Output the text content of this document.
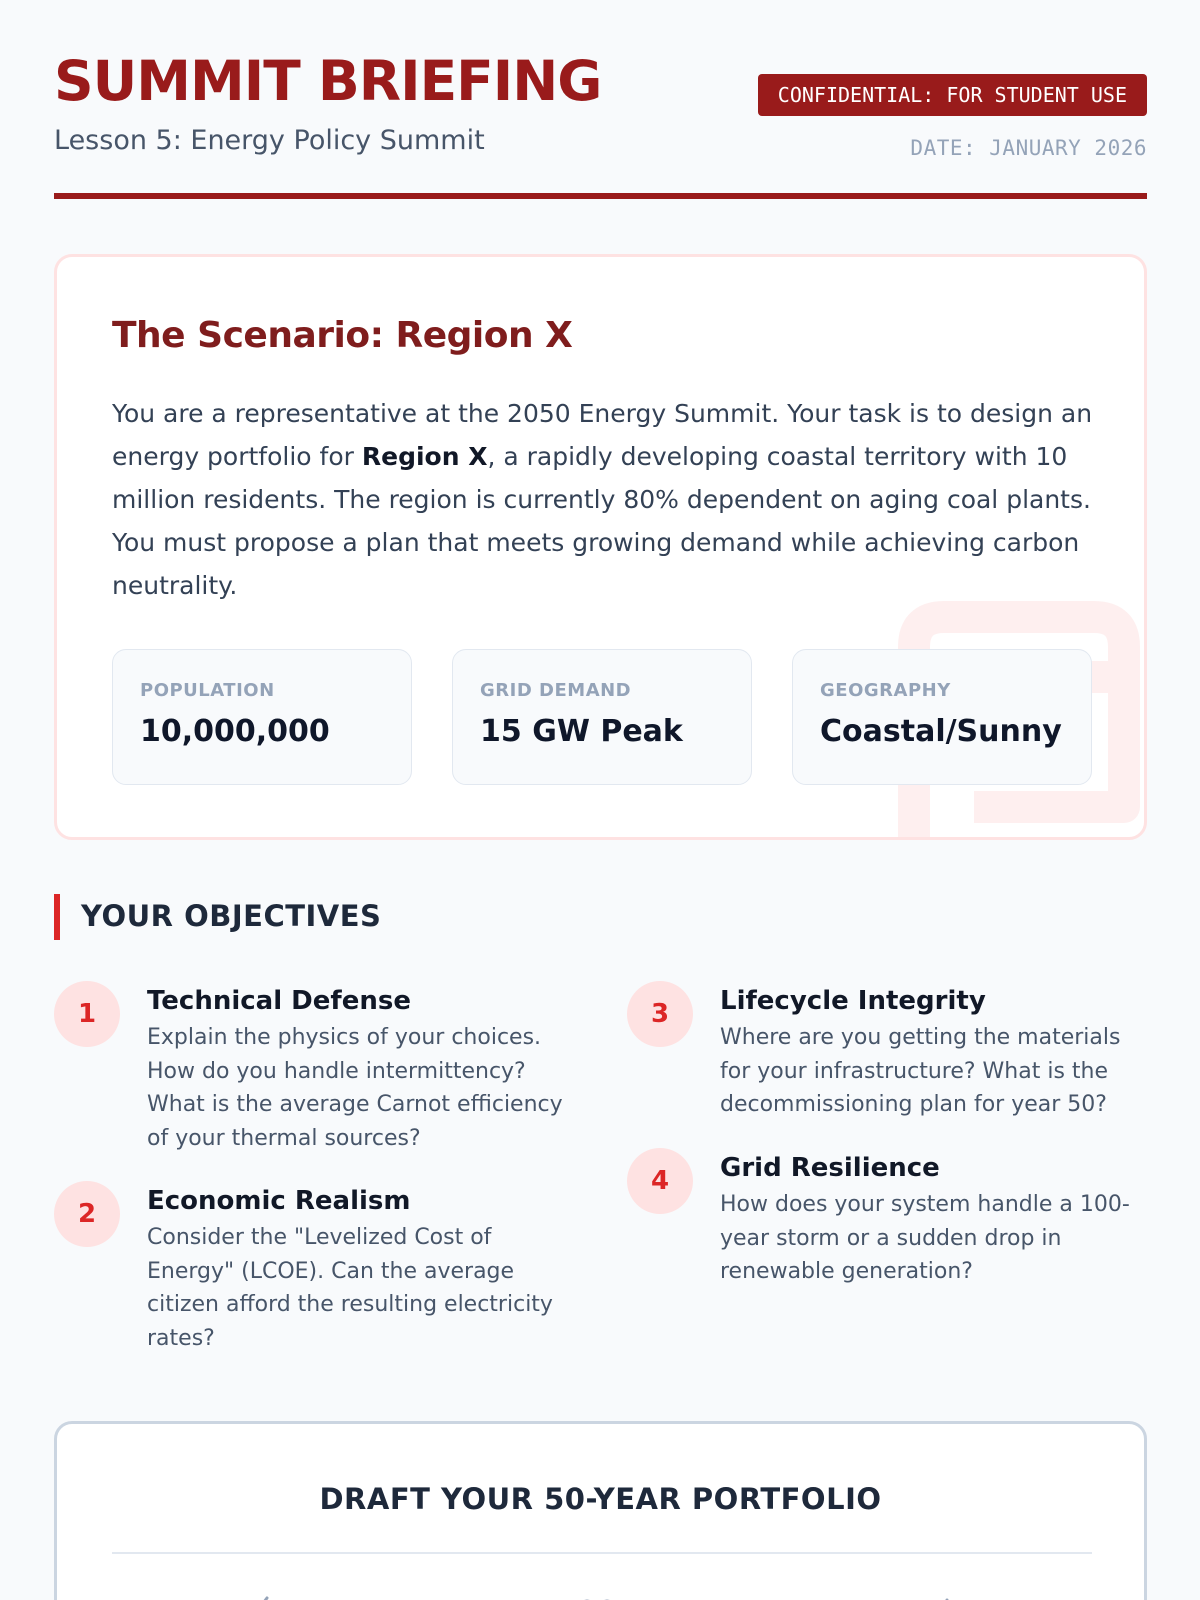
SUMMIT BRIEFING
Lesson 5: Energy Policy Summit
CONFIDENTIAL: FOR STUDENT USE
DATE: JANUARY 2026
The Scenario: Region X

You are a representative at the 2050 Energy Summit. Your task is to design an energy portfolio for Region X, a rapidly developing coastal territory with 10 million residents. The region is currently 80% dependent on aging coal plants. You must propose a plan that meets growing demand while achieving carbon neutrality.

POPULATION
10,000,000
GRID DEMAND
15 GW Peak
GEOGRAPHY
Coastal/Sunny
YOUR OBJECTIVES
1	Technical Defense
Explain the physics of your choices. How do you handle intermittency? What is the average Carnot efficiency of your thermal sources?
2	Economic Realism
Consider the "Levelized Cost of Energy" (LCOE). Can the average citizen afford the resulting electricity rates?
3	Lifecycle Integrity
Where are you getting the materials for your infrastructure? What is the decommissioning plan for year 50?
4	Grid Resilience
How does your system handle a 100-year storm or a sudden drop in renewable generation?
DRAFT YOUR 50-YEAR PORTFOLIO
